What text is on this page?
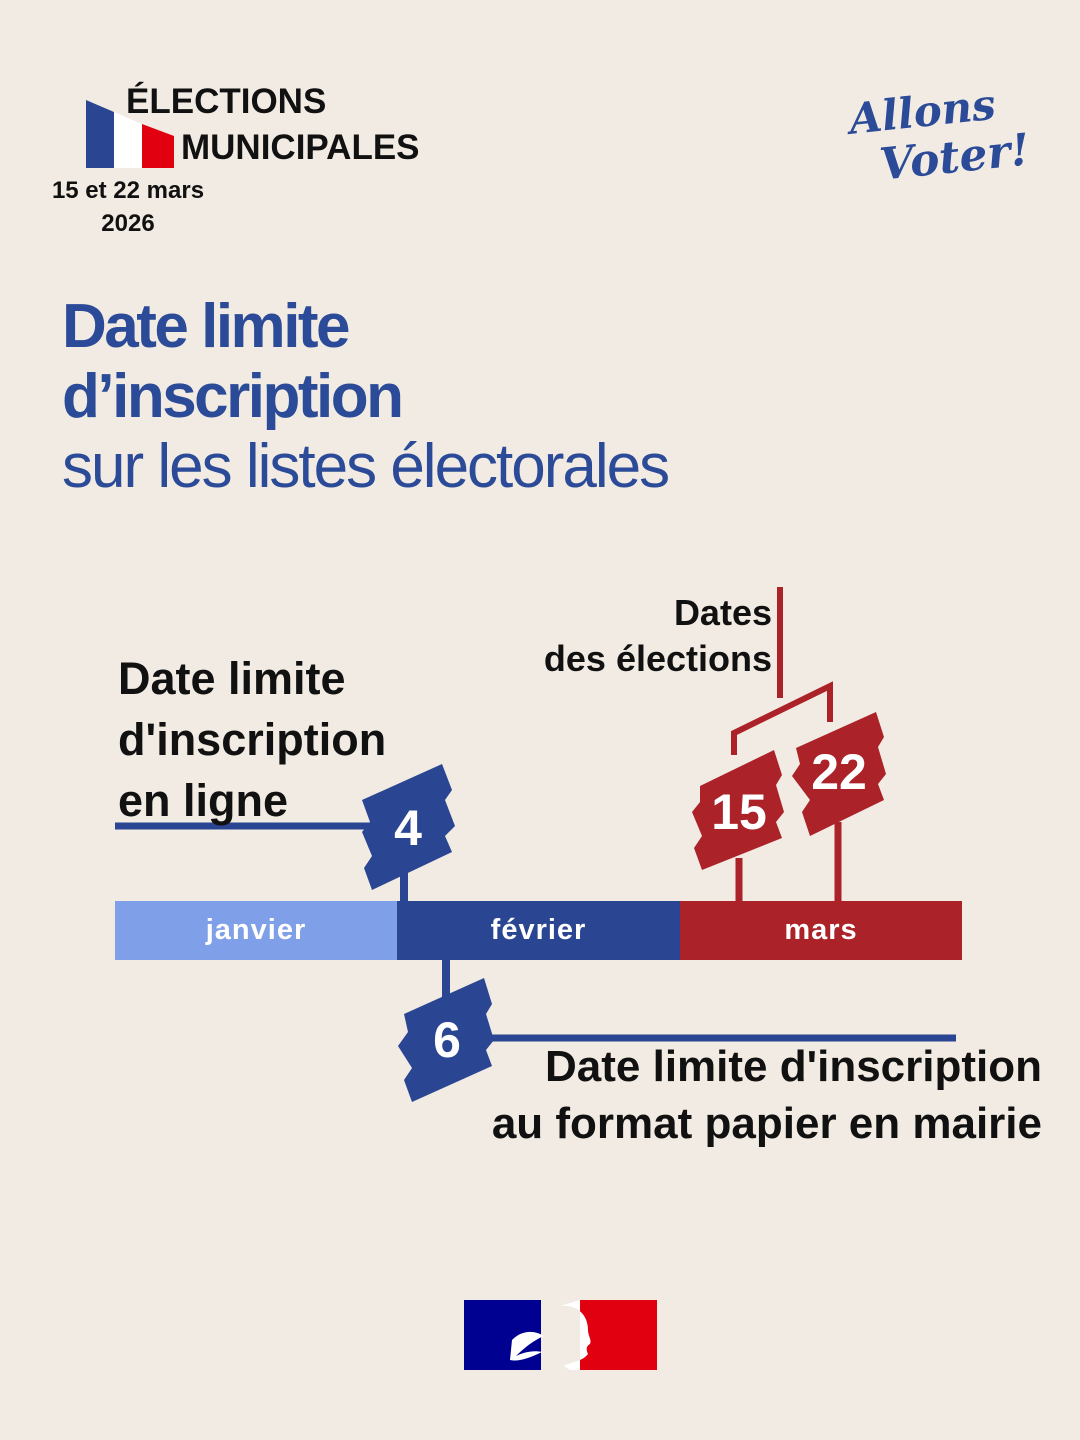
ÉLECTIONS
MUNICIPALES
15 et 22 mars
2026
Allons
Voter!
Date limite
d’inscription
sur les listes électorales
4	15
22
6
Date limite
d'inscription
en ligne
Dates
des élections
Date limite d'inscription
au format papier en mairie
janvier	février	mars
